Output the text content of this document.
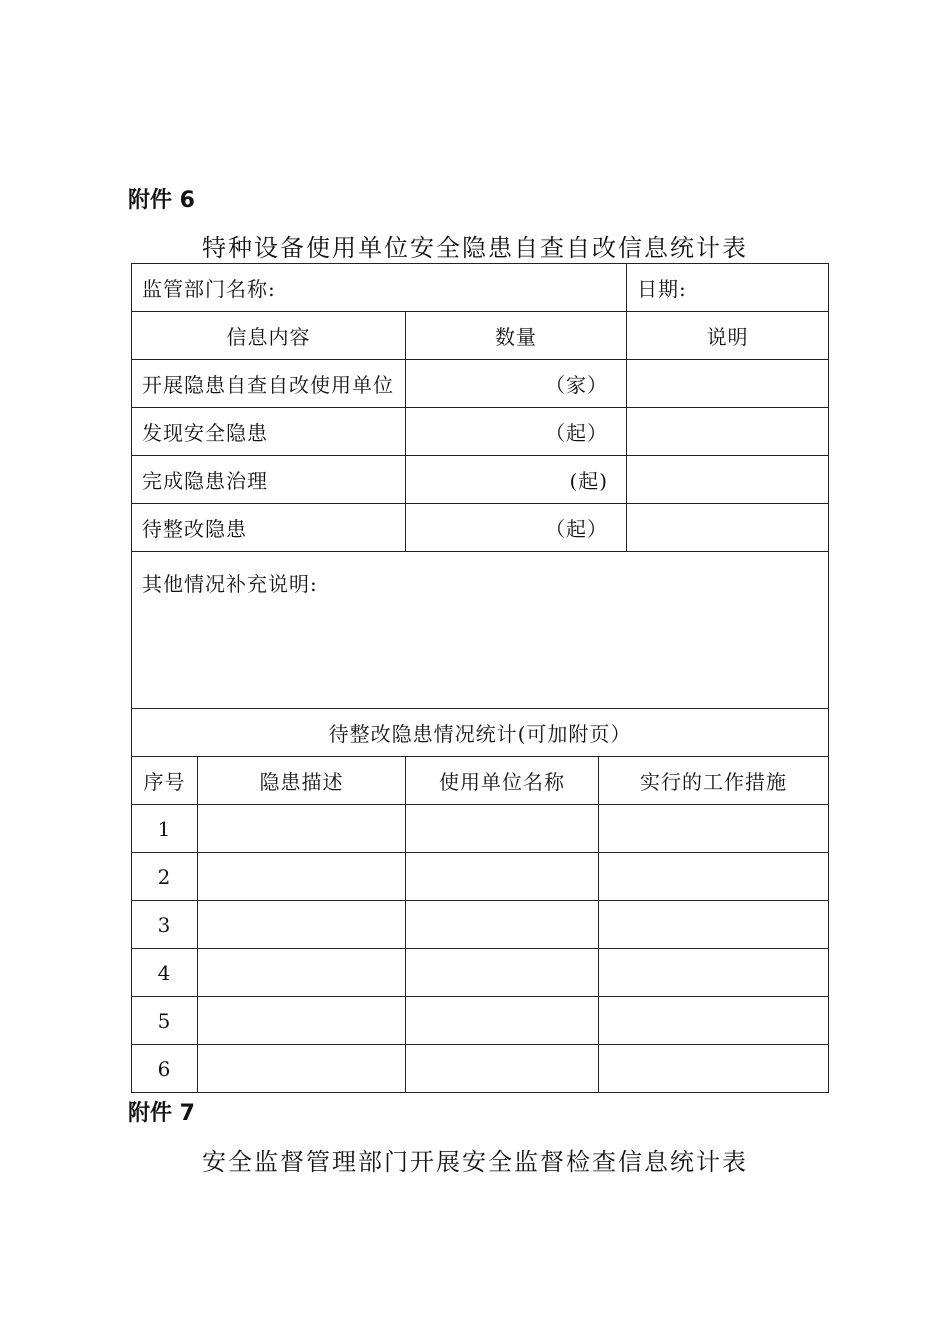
附件 6
特种设备使用单位安全隐患自查自改信息统计表
监管部门名称:				日期:
信息内容		数量		说明
开展隐患自查自改使用单位		（家）		
发现安全隐患		（起）		
完成隐患治理		(起)		
待整改隐患		（起）		
其他情况补充说明:				
待整改隐患情况统计(可加附页）				
序号	隐患描述	使用单位名称	实行的工作措施	
1				
2				
3				
4				
5				
6				
附件 7
安全监督管理部门开展安全监督检查信息统计表
